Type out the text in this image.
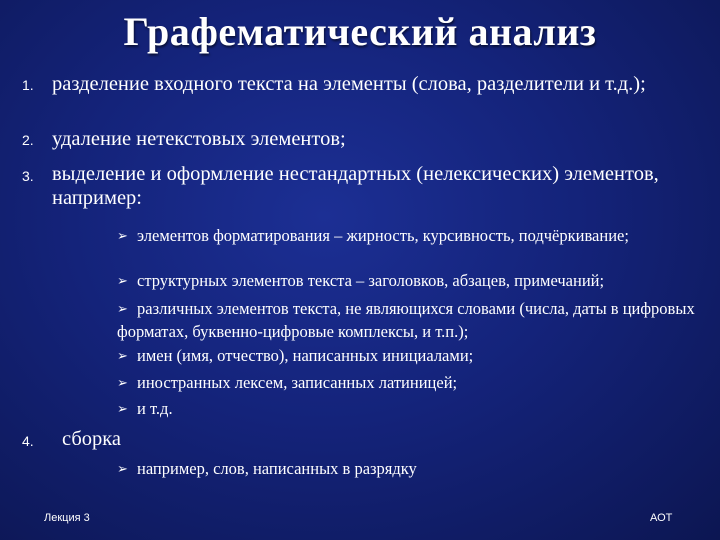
Графематический анализ
1. разделение входного текста на элементы (слова, разделители и т.д.);
2. удаление нетекстовых элементов;
3. выделение и оформление нестандартных (нелексических) элементов, например:
➢ элементов форматирования – жирность, курсивность, подчёркивание;
➢ структурных элементов текста – заголовков, абзацев, примечаний;
➢ различных элементов текста, не являющихся словами (числа, даты в цифровых форматах, буквенно-цифровые комплексы, и т.п.);
➢ имен (имя, отчество), написанных инициалами;
➢ иностранных лексем, записанных латиницей;
➢ и т.д.
4. сборка
➢ например, слов, написанных в разрядку
Лекция 3	АОТ
